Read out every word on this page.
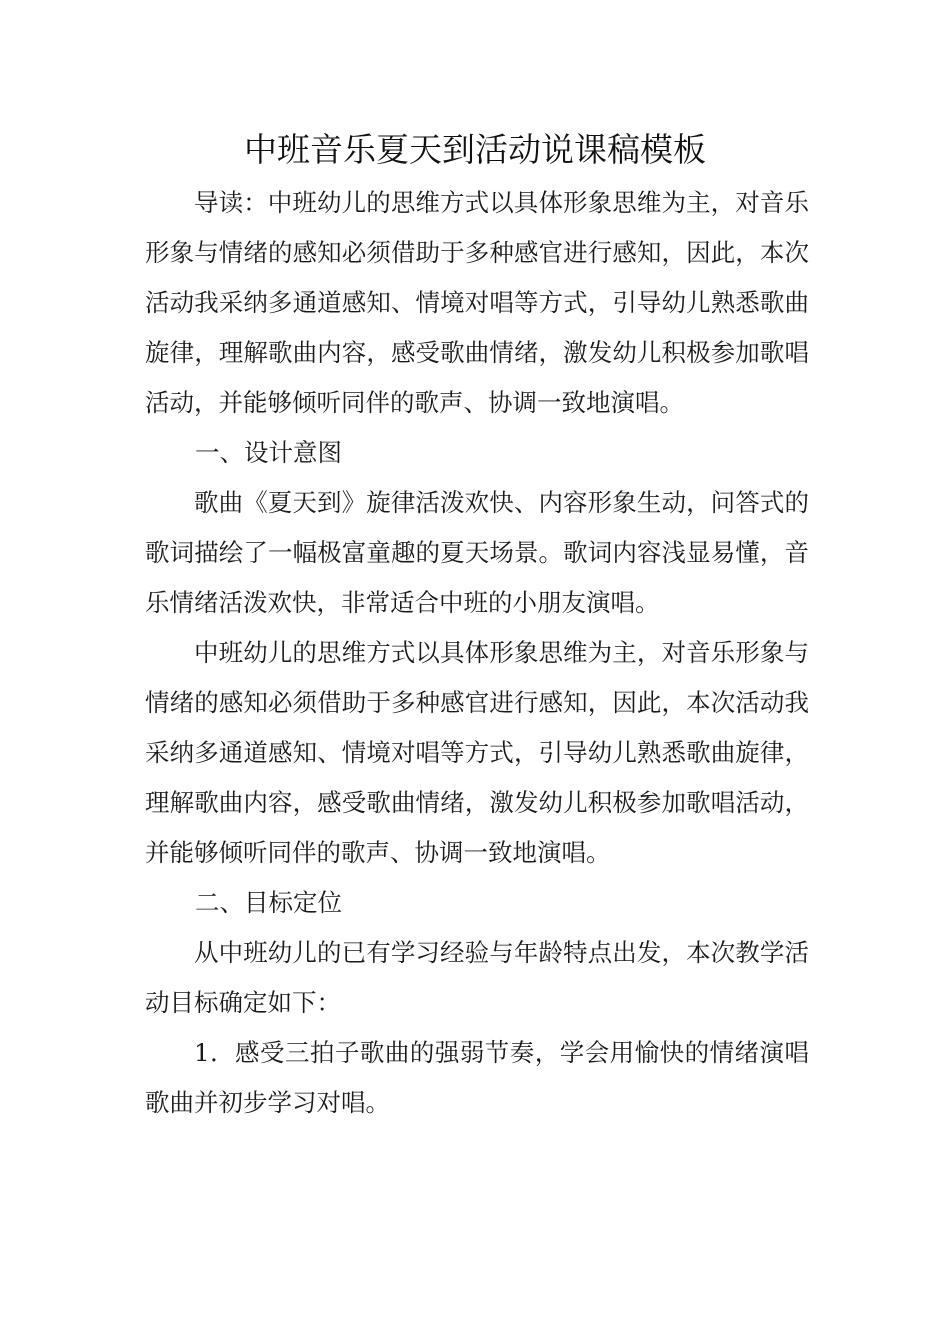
中班音乐夏天到活动说课稿模板

导读：中班幼儿的思维方式以具体形象思维为主，对音乐形象与情绪的感知必须借助于多种感官进行感知，因此，本次活动我采纳多通道感知、情境对唱等方式，引导幼儿熟悉歌曲旋律，理解歌曲内容，感受歌曲情绪，激发幼儿积极参加歌唱活动，并能够倾听同伴的歌声、协调一致地演唱。

一、设计意图

歌曲《夏天到》旋律活泼欢快、内容形象生动，问答式的歌词描绘了一幅极富童趣的夏天场景。歌词内容浅显易懂，音乐情绪活泼欢快，非常适合中班的小朋友演唱。

中班幼儿的思维方式以具体形象思维为主，对音乐形象与情绪的感知必须借助于多种感官进行感知，因此，本次活动我采纳多通道感知、情境对唱等方式，引导幼儿熟悉歌曲旋律，理解歌曲内容，感受歌曲情绪，激发幼儿积极参加歌唱活动，并能够倾听同伴的歌声、协调一致地演唱。

二、目标定位

从中班幼儿的已有学习经验与年龄特点出发，本次教学活动目标确定如下：

1．感受三拍子歌曲的强弱节奏，学会用愉快的情绪演唱歌曲并初步学习对唱。
